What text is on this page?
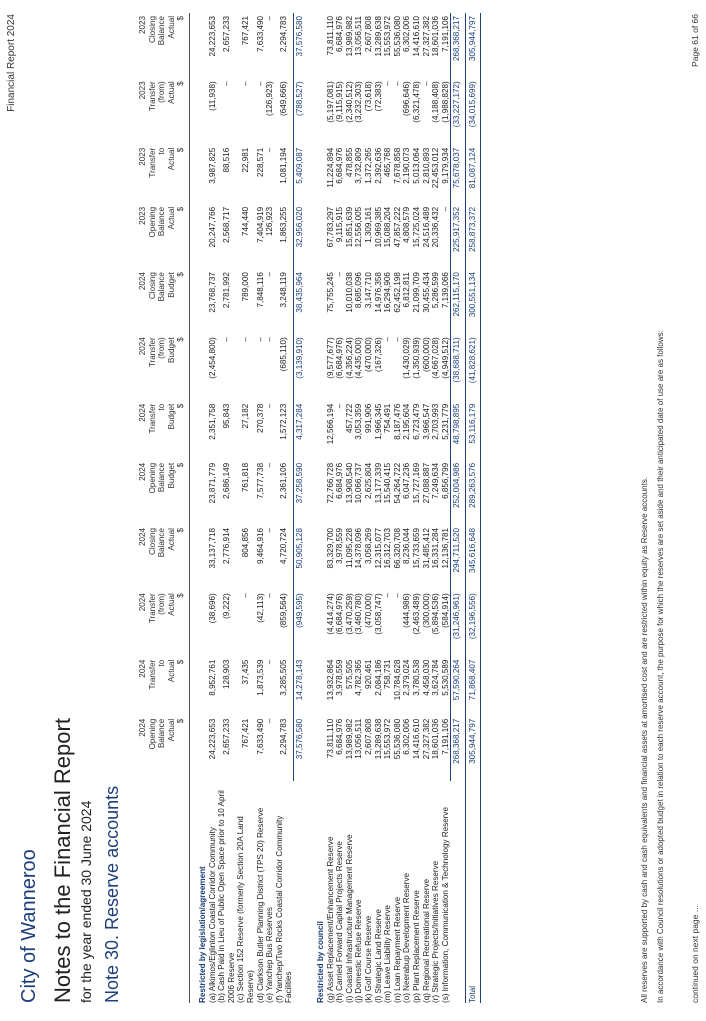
Financial Report 2024
City of Wanneroo Notes to the Financial Report for the year ended 30 June 2024 Note 30. Reserve accounts

	2024 Opening Balance Actual $	2024 Transfer to Actual $	2024 Transfer (from) Actual $	2024 Closing Balance Actual $	2024 Opening Balance Budget $	2024 Transfer to Budget $	2024 Transfer (from) Budget $	2024 Closing Balance Budget $	2023 Opening Balance Actual $	2023 Transfer to Actual $	2023 Transfer (from) Actual $	2023 Closing Balance Actual $

Restricted by legislation/agreement												
(a) Alkimos/Eglinton Coastal Corridor Community	24,223,653	8,952,761	(38,696)	33,137,718	23,871,779	2,351,758	(2,454,800)	23,768,737	20,247,766	3,987,825	(11,938)	24,223,653
(b) Cash Paid in Lieu of Public Open Space prior to 10 April 2006 Reserve	2,657,233	128,903	(9,222)	2,776,914	2,686,149	95,843	–	2,781,992	2,568,717	88,516	–	2,657,233
(c) Section 152 Reserve (formerly Section 20A Land Reserve)	767,421	37,435	–	804,856	761,818	27,182	–	789,000	744,440	22,981	–	767,421
(d) Clarkson Butler Planning District (TPS 20) Reserve	7,633,490	1,873,539	(42,113)	9,464,916	7,577,738	270,378	–	7,848,116	7,404,919	228,571	–	7,633,490
(e) Yanchep Bus Reserves	–	–	–	–	–	–	–	–	126,923	–	(126,923)	–
(f) Yanchep/Two Rocks Coastal Corridor Community Facilities	2,294,783	3,285,505	(859,564)	4,720,724	2,361,106	1,572,123	(685,110)	3,248,119	1,863,255	1,081,194	(649,666)	2,294,783
	37,576,580	14,278,143	(949,595)	50,905,128	37,258,590	4,317,284	(3,139,910)	38,435,964	32,956,020	5,409,087	(788,527)	37,576,580
Restricted by council												
(g) Asset Replacement/Enhancement Reserve	73,811,110	13,932,864	(4,414,274)	83,329,700	72,766,728	12,566,194	(9,577,677)	75,755,245	67,783,297	11,224,894	(5,197,081)	73,811,110
(h) Carried Forward Capital Projects Reserve	6,684,976	3,978,559	(6,684,976)	3,978,559	6,684,976	–	(6,684,976)	–	9,115,915	6,684,976	(9,115,915)	6,684,976
(i) Coastal Infrastructure Management Reserve	13,989,982	575,505	(3,470,259)	11,095,228	13,908,540	457,722	(4,356,224)	10,010,038	15,851,639	478,855	(2,340,512)	13,989,982
(j) Domestic Refuse Reserve	13,056,511	4,782,365	(3,460,780)	14,378,096	10,066,737	3,053,359	(4,435,000)	8,685,096	12,556,005	3,732,809	(3,232,303)	13,056,511
(k) Golf Course Reserve	2,607,808	920,461	(470,000)	3,058,269	2,625,804	991,906	(470,000)	3,147,710	1,309,161	1,372,265	(73,618)	2,607,808
(l) Strategic Land Reserve	13,289,638	2,084,186	(3,058,747)	12,315,077	13,177,339	1,966,345	(167,326)	14,976,358	10,969,385	2,392,636	(72,383)	13,289,638
(m) Leave Liability Reserve	15,553,972	758,731	–	16,312,703	15,540,415	754,491	–	16,294,906	15,088,204	465,768	–	15,553,972
(n) Loan Repayment Reserve	55,536,080	10,784,628	–	66,320,708	54,264,722	8,187,476	–	62,452,198	47,857,222	7,678,858	–	55,536,080
(o) Neerabup Development Reserve	6,302,006	2,379,024	(444,986)	8,236,044	6,047,236	2,195,604	(1,430,029)	6,812,811	4,808,579	2,190,073	(696,646)	6,302,006
(p) Plant Replacement Reserve	14,416,610	3,780,538	(2,463,489)	15,733,659	15,727,169	6,723,479	(1,350,939)	21,099,709	15,725,024	5,013,064	(6,321,478)	14,416,610
(q) Regional Recreational Reserve	27,327,382	4,458,030	(300,000)	31,485,412	27,088,887	3,966,547	(600,000)	30,455,434	24,516,489	2,810,893	–	27,327,382
(r) Strategic Projects/Initiatives Reserve	18,601,036	3,624,784	(5,894,536)	16,331,284	7,249,634	2,703,993	(4,667,028)	5,286,599	20,336,432	22,453,012	(4,188,408)	18,601,036
(s) Information, Communication & Technology Reserve	7,191,106	5,530,589	(584,914)	12,136,781	6,856,799	5,231,779	(4,949,512)	7,139,066	–	9,179,934	(1,988,828)	7,191,106
	268,368,217	57,590,264	(31,246,961)	294,711,520	252,004,986	48,798,895	(38,688,711)	262,115,170	225,917,352	75,678,037	(33,227,172)	268,368,217
Total	305,944,797	71,868,407	(32,196,556)	345,616,648	289,263,576	53,116,179	(41,828,621)	300,551,134	258,873,372	81,087,124	(34,015,699)	305,944,797
All reserves are supported by cash and cash equivalents and financial assets at amortised cost and are restricted within equity as Reserve accounts. In accordance with Council resolutions or adopted budget in relation to each reserve account, the purpose for which the reserves are set aside and their anticipated date of use are as follows:	continued on next page ...
Page 61 of 66
